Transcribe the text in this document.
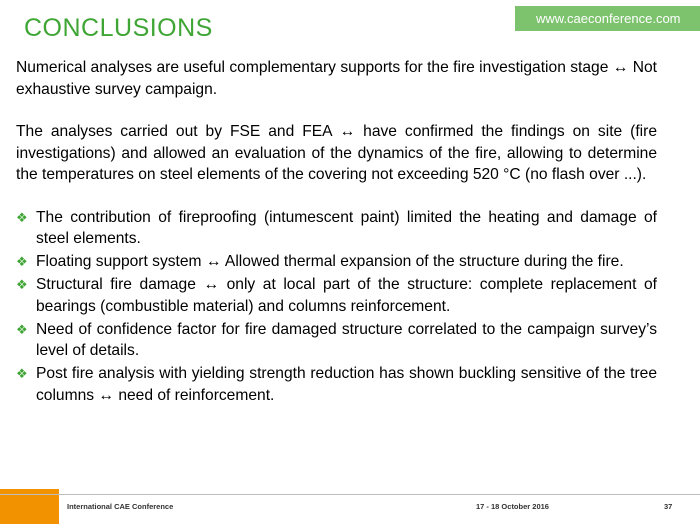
CONCLUSIONS	www.caeconference.com

Numerical analyses are useful complementary supports for the fire investigation stage ↔ Not exhaustive survey campaign.

The analyses carried out by FSE and FEA ↔ have confirmed the findings on site (fire investigations) and allowed an evaluation of the dynamics of the fire, allowing to determine the temperatures on steel elements of the covering not exceeding 520 °C (no flash over ...).

❖ The contribution of fireproofing (intumescent paint) limited the heating and damage of steel elements.
❖ Floating support system ↔ Allowed thermal expansion of the structure during the fire.
❖ Structural fire damage ↔ only at local part of the structure: complete replacement of bearings (combustible material) and columns reinforcement.
❖ Need of confidence factor for fire damaged structure correlated to the campaign survey’s level of details.
❖ Post fire analysis with yielding strength reduction has shown buckling sensitive of the tree columns ↔ need of reinforcement.
International CAE Conference	17 - 18 October 2016	37
